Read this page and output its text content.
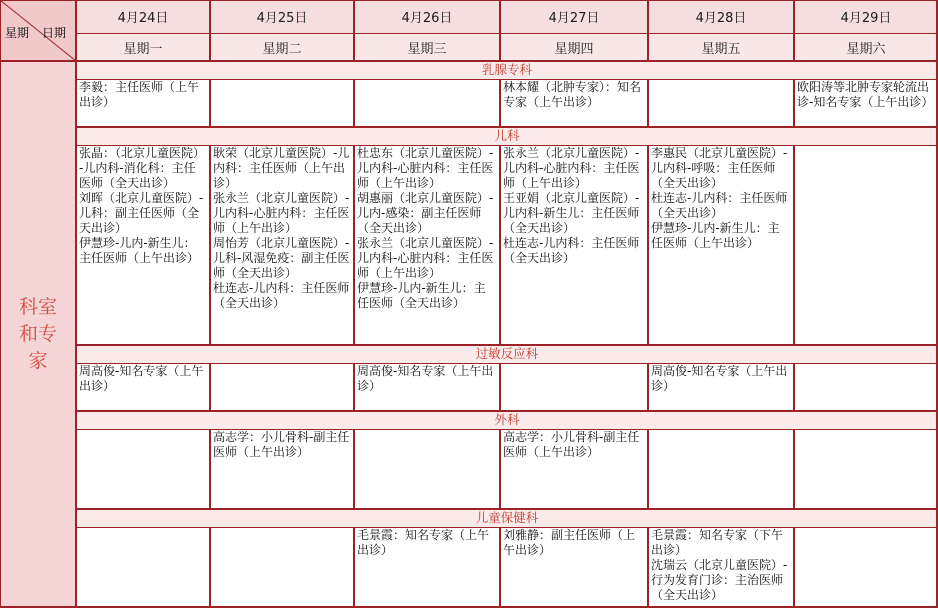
星期 日期
4月24日
星期一
4月25日
星期二
4月26日
星期三
4月27日
星期四
4月28日
星期五
4月29日
星期六
科室
和专
家
乳腺专科
李毅：主任医师（上午出诊）
林本耀（北肿专家）：知名专家（上午出诊）
欧阳涛等北肿专家轮流出诊-知名专家（上午出诊）
儿科
张晶：（北京儿童医院）-儿内科-消化科：主任医师（全天出诊）
刘晖（北京儿童医院）-儿科：副主任医师（全天出诊）
伊慧珍-儿内-新生儿：主任医师（上午出诊）
耿荣（北京儿童医院）-儿内科：主任医师（上午出诊）
张永兰（北京儿童医院）-儿内科-心脏内科：主任医师（上午出诊）
周怡芳（北京儿童医院）-儿科-风湿免疫：副主任医师（全天出诊）
杜连志-儿内科：主任医师（全天出诊）
杜忠东（北京儿童医院）-儿内科-心脏内科：主任医师（上午出诊）
胡惠丽（北京儿童医院）-儿内-感染：副主任医师（全天出诊）
张永兰（北京儿童医院）-儿内科-心脏内科：主任医师（上午出诊）
伊慧珍-儿内-新生儿：主任医师（全天出诊）
张永兰（北京儿童医院）-儿内科-心脏内科：主任医师（上午出诊）
王亚娟（北京儿童医院）-儿内科-新生儿：主任医师（全天出诊）
杜连志-儿内科：主任医师（全天出诊）
李惠民（北京儿童医院）-儿内科-呼吸：主任医师（全天出诊）
杜连志-儿内科：主任医师（全天出诊）
伊慧珍-儿内-新生儿：主任医师（上午出诊）
过敏反应科
周高俊-知名专家（上午出诊）
周高俊-知名专家（上午出诊）
周高俊-知名专家（上午出诊）
外科
高志学：小儿骨科-副主任医师（上午出诊）
高志学：小儿骨科-副主任医师（上午出诊）
儿童保健科
毛景霞：知名专家（上午出诊）
刘雅静：副主任医师（上午出诊）
毛景霞：知名专家（下午出诊）
沈瑞云（北京儿童医院）-行为发育门诊：主治医师（全天出诊）
